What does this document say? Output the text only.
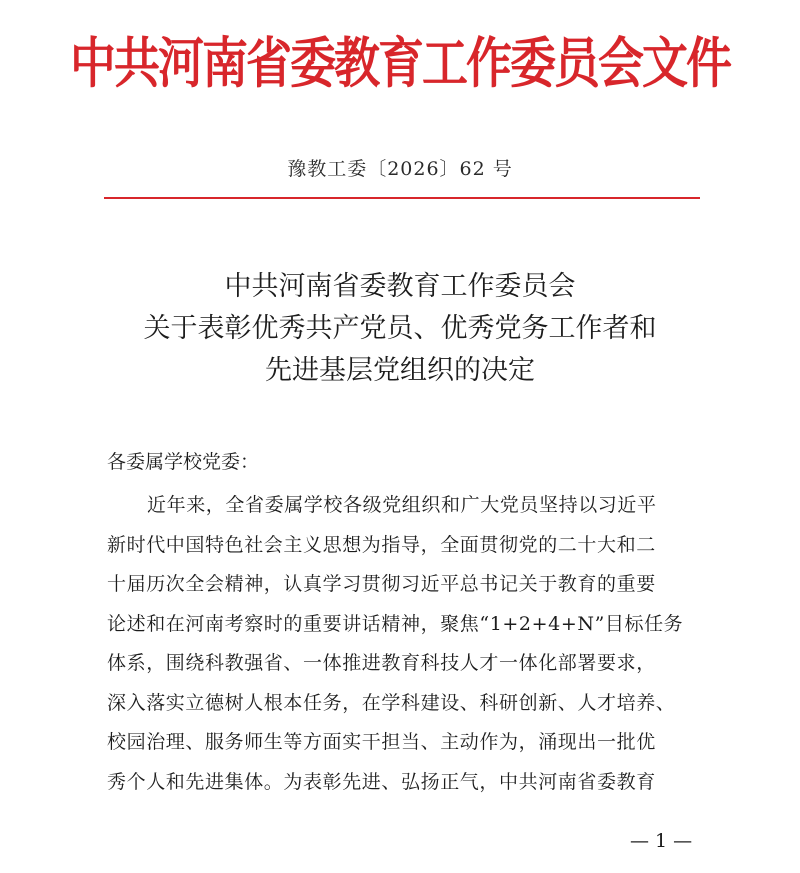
中共河南省委教育工作委员会文件
豫教工委〔2026〕62 号
中共河南省委教育工作委员会
关于表彰优秀共产党员、优秀党务工作者和
先进基层党组织的决定
各委属学校党委：
近年来，全省委属学校各级党组织和广大党员坚持以习近平
新时代中国特色社会主义思想为指导，全面贯彻党的二十大和二
十届历次全会精神，认真学习贯彻习近平总书记关于教育的重要
论述和在河南考察时的重要讲话精神，聚焦“1+2+4+N”目标任务
体系，围绕科教强省、一体推进教育科技人才一体化部署要求，
深入落实立德树人根本任务，在学科建设、科研创新、人才培养、
校园治理、服务师生等方面实干担当、主动作为，涌现出一批优
秀个人和先进集体。为表彰先进、弘扬正气，中共河南省委教育
— 1 —
